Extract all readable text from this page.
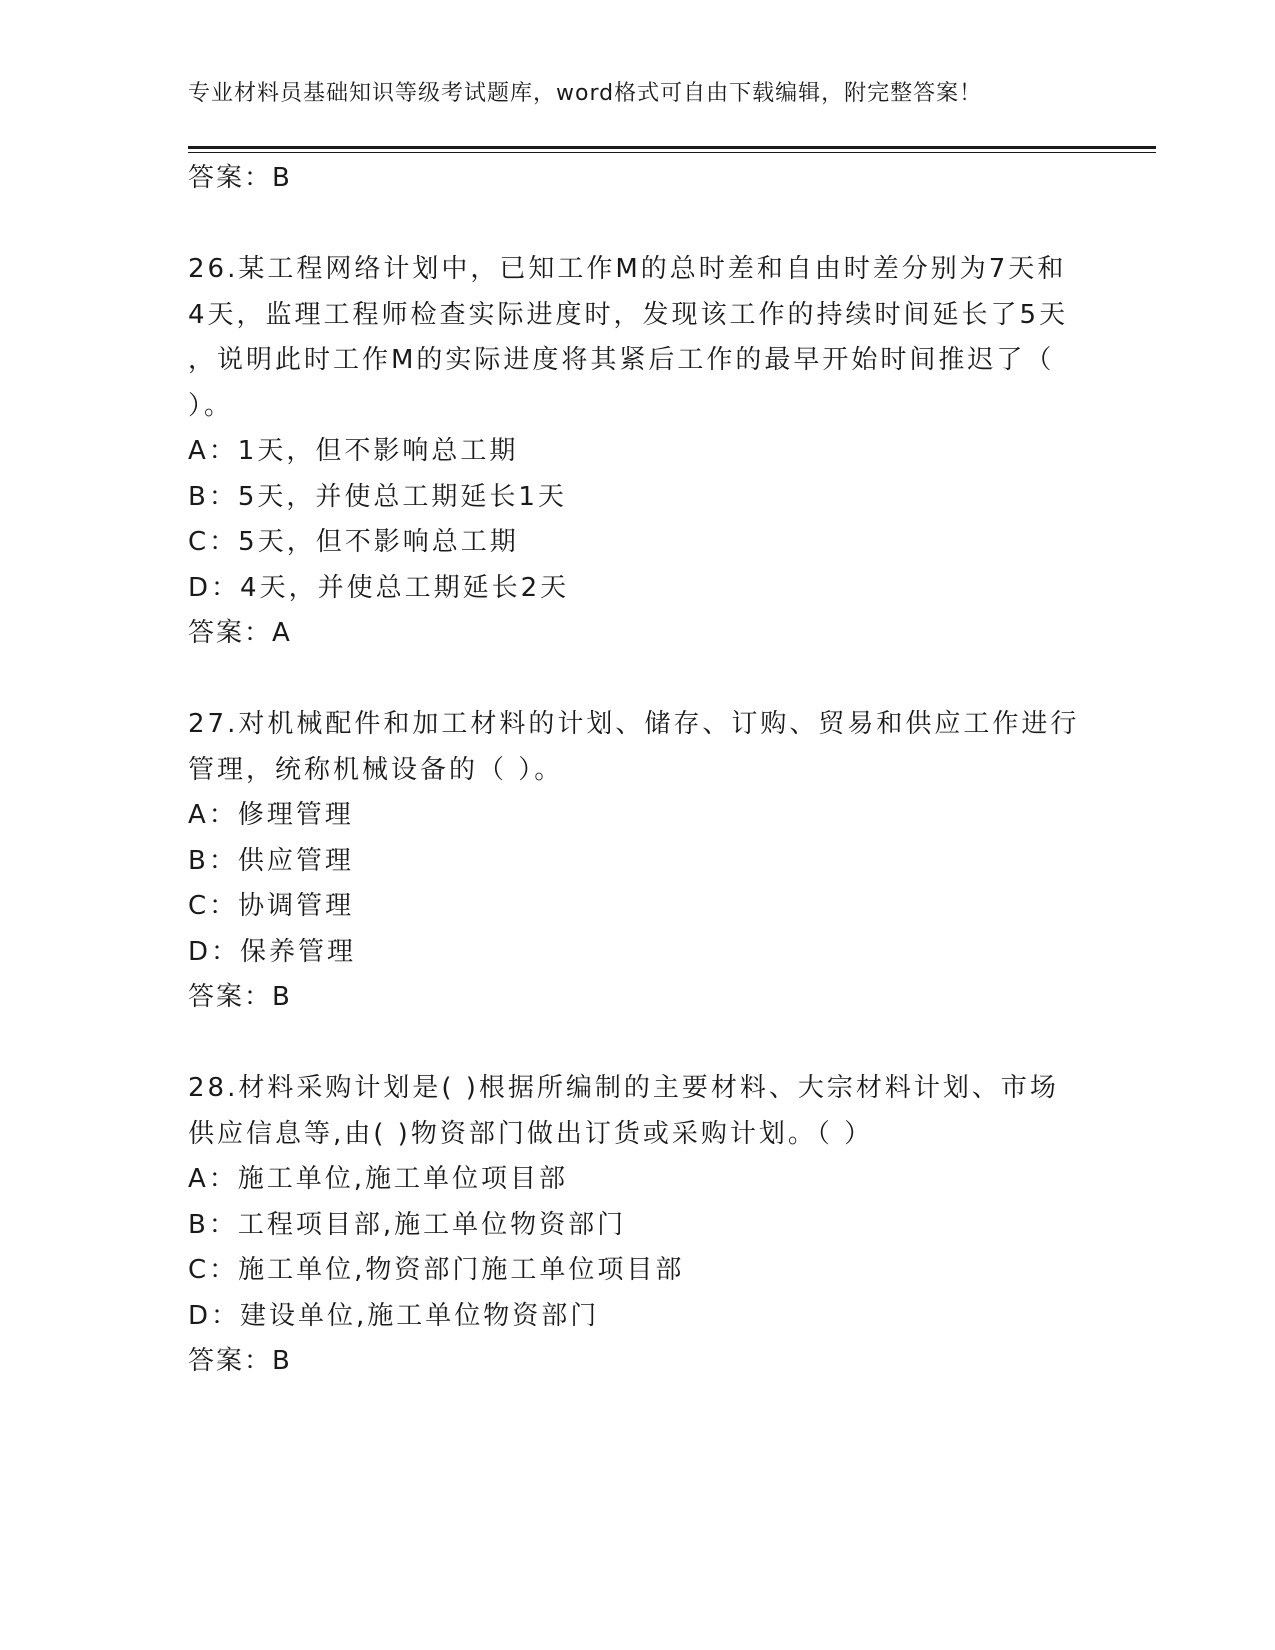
专业材料员基础知识等级考试题库，word格式可自由下载编辑，附完整答案！
答案：B
26.某工程网络计划中，已知工作M的总时差和自由时差分别为7天和
4天，监理工程师检查实际进度时，发现该工作的持续时间延长了5天
，说明此时工作M的实际进度将其紧后工作的最早开始时间推迟了（
）。
A：1天，但不影响总工期
B：5天，并使总工期延长1天
C：5天，但不影响总工期
D：4天，并使总工期延长2天
答案：A
27.对机械配件和加工材料的计划、储存、订购、贸易和供应工作进行
管理，统称机械设备的（ ）。
A：修理管理
B：供应管理
C：协调管理
D：保养管理
答案：B
28.材料采购计划是( )根据所编制的主要材料、大宗材料计划、市场
供应信息等,由( )物资部门做出订货或采购计划。（ ）
A：施工单位,施工单位项目部
B：工程项目部,施工单位物资部门
C：施工单位,物资部门施工单位项目部
D：建设单位,施工单位物资部门
答案：B
